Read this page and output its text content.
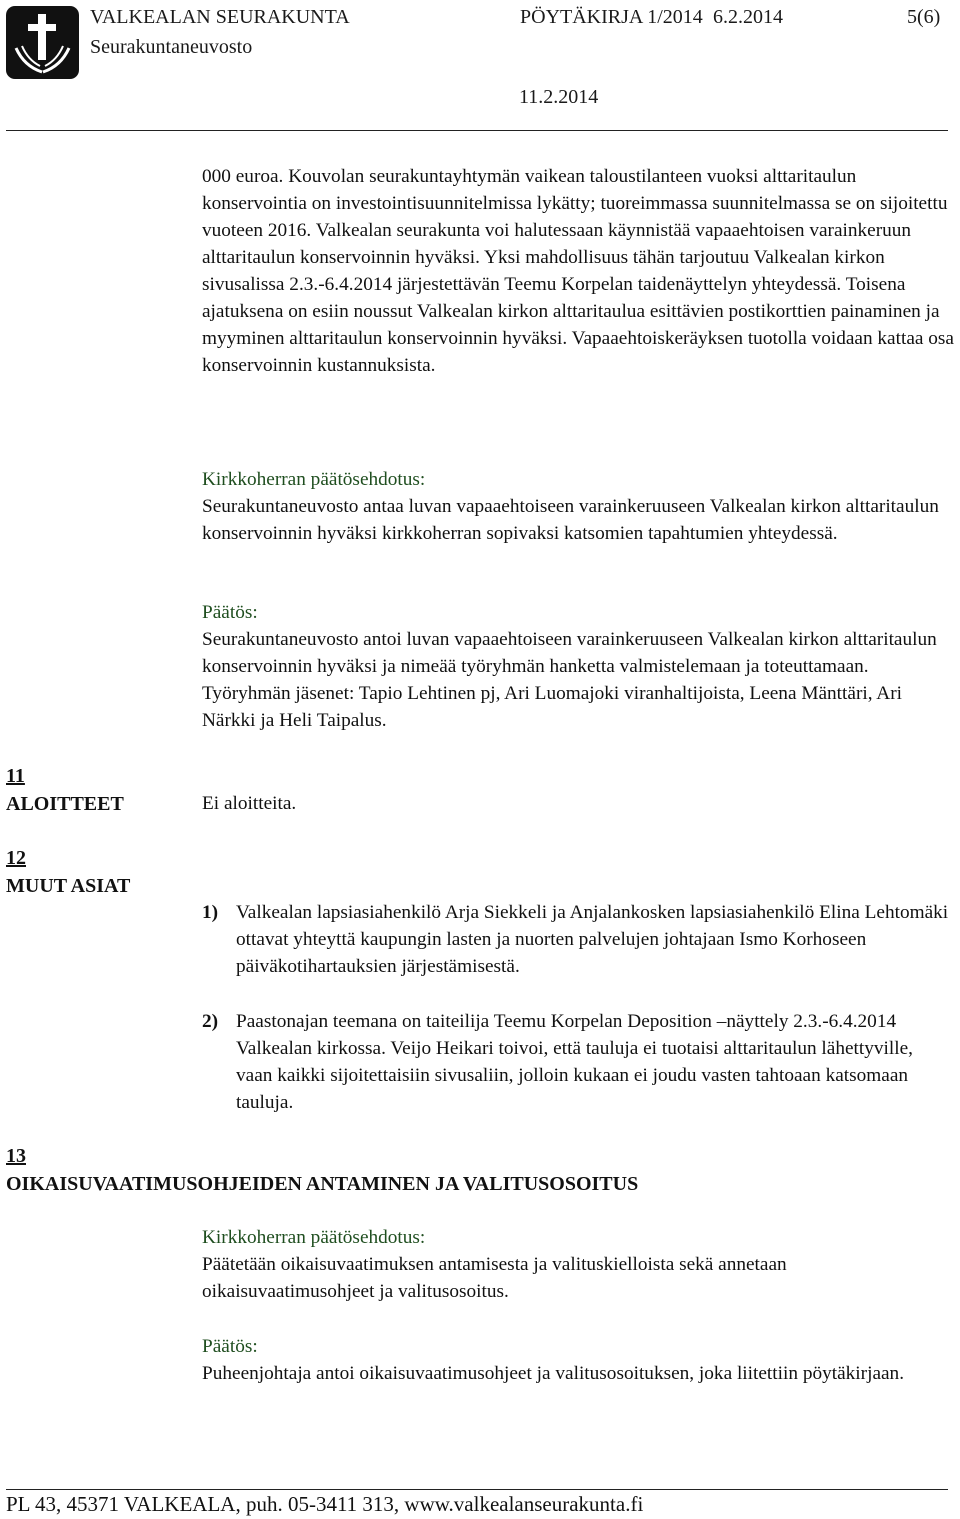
VALKEALAN SEURAKUNTA	PÖYTÄKIRJA 1/2014 6.2.2014	5(6)
Seurakuntaneuvosto
11.2.2014
000 euroa. Kouvolan seurakuntayhtymän vaikean taloustilanteen vuoksi alttaritaulun konservointia on investointisuunnitelmissa lykätty; tuoreimmassa suunnitelmassa se on sijoitettu vuoteen 2016. Valkealan seurakunta voi halutessaan käynnistää vapaaehtoisen varainkeruun alttaritaulun konservoinnin hyväksi. Yksi mahdollisuus tähän tarjoutuu Valkealan kirkon sivusalissa 2.3.-6.4.2014 järjestettävän Teemu Korpelan taidenäyttelyn yhteydessä. Toisena ajatuksena on esiin noussut Valkealan kirkon alttaritaulua esittävien postikorttien painaminen ja myyminen alttaritaulun konservoinnin hyväksi. Vapaaehtoiskeräyksen tuotolla voidaan kattaa osa konservoinnin kustannuksista.
Kirkkoherran päätösehdotus:
Seurakuntaneuvosto antaa luvan vapaaehtoiseen varainkeruuseen Valkealan kirkon alttaritaulun konservoinnin hyväksi kirkkoherran sopivaksi katsomien tapahtumien yhteydessä.
Päätös:
Seurakuntaneuvosto antoi luvan vapaaehtoiseen varainkeruuseen Valkealan kirkon alttaritaulun konservoinnin hyväksi ja nimeää työryhmän hanketta valmistelemaan ja toteuttamaan. Työryhmän jäsenet: Tapio Lehtinen pj, Ari Luomajoki viranhaltijoista, Leena Mänttäri, Ari Närkki ja Heli Taipalus.
11
ALOITTEET	Ei aloitteita.
12
MUUT ASIAT
1) Valkealan lapsiasiahenkilö Arja Siekkeli ja Anjalankosken lapsiasiahenkilö Elina Lehtomäki ottavat yhteyttä kaupungin lasten ja nuorten palvelujen johtajaan Ismo Korhoseen päiväkotihartauksien järjestämisestä.
2) Paastonajan teemana on taiteilija Teemu Korpelan Deposition –näyttely 2.3.-6.4.2014 Valkealan kirkossa. Veijo Heikari toivoi, että tauluja ei tuotaisi alttaritaulun lähettyville, vaan kaikki sijoitettaisiin sivusaliin, jolloin kukaan ei joudu vasten tahtoaan katsomaan tauluja.
13
OIKAISUVAATIMUSOHJEIDEN ANTAMINEN JA VALITUSOSOITUS
Kirkkoherran päätösehdotus:
Päätetään oikaisuvaatimuksen antamisesta ja valituskielloista sekä annetaan oikaisuvaatimusohjeet ja valitusosoitus.
Päätös:
Puheenjohtaja antoi oikaisuvaatimusohjeet ja valitusosoituksen, joka liitettiin pöytäkirjaan.
PL 43, 45371 VALKEALA, puh. 05-3411 313, www.valkealanseurakunta.fi
